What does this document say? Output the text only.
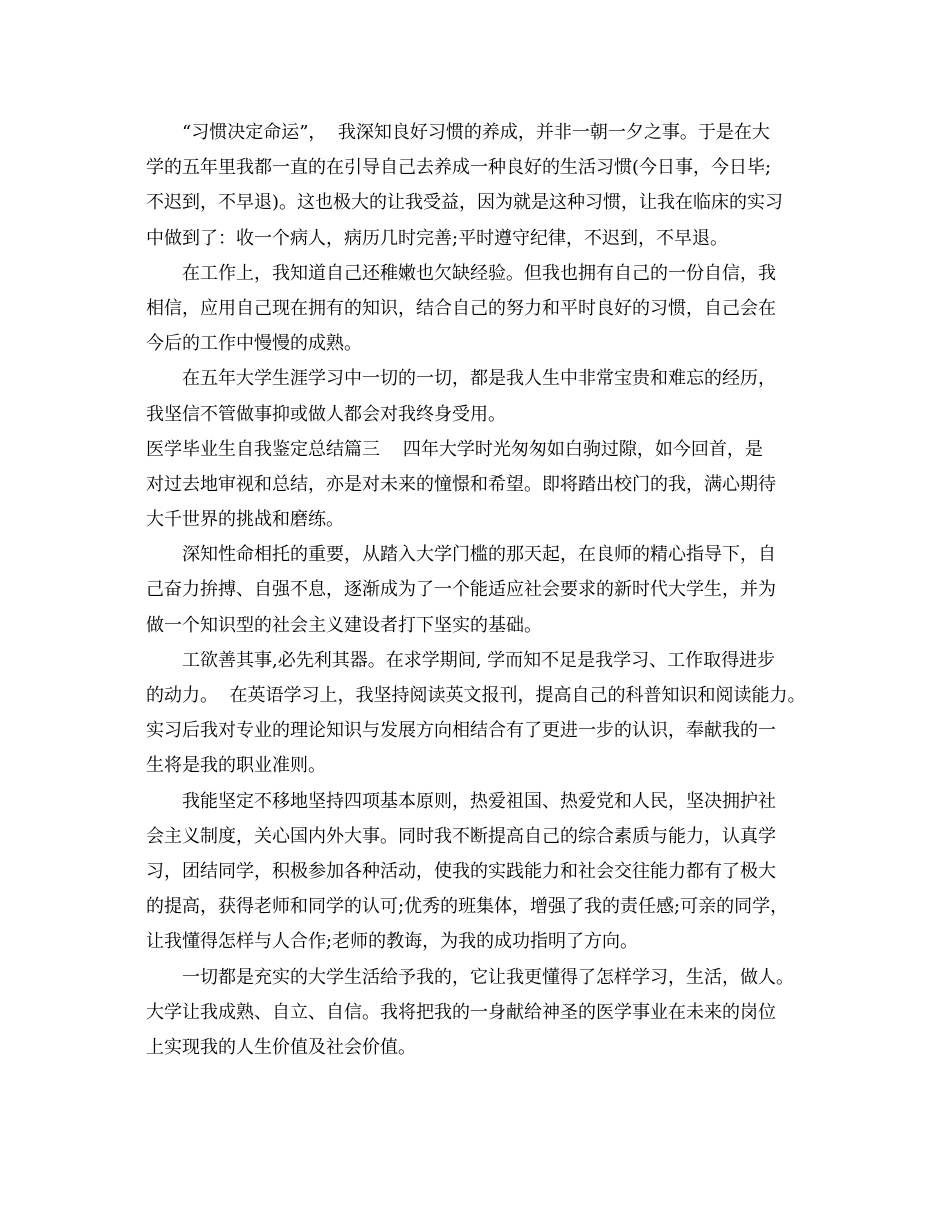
“习惯决定命运”，  我深知良好习惯的养成，并非一朝一夕之事。于是在大
学的五年里我都一直的在引导自己去养成一种良好的生活习惯(今日事，今日毕;
不迟到，不早退)。这也极大的让我受益，因为就是这种习惯，让我在临床的实习
中做到了：收一个病人，病历几时完善;平时遵守纪律，不迟到，不早退。
在工作上，我知道自己还稚嫩也欠缺经验。但我也拥有自己的一份自信，我
相信，应用自己现在拥有的知识，结合自己的努力和平时良好的习惯，自己会在
今后的工作中慢慢的成熟。
在五年大学生涯学习中一切的一切，都是我人生中非常宝贵和难忘的经历，
我坚信不管做事抑或做人都会对我终身受用。
医学毕业生自我鉴定总结篇三    四年大学时光匆匆如白驹过隙，如今回首，是
对过去地审视和总结，亦是对未来的憧憬和希望。即将踏出校门的我，满心期待
大千世界的挑战和磨练。
深知性命相托的重要，从踏入大学门槛的那天起，在良师的精心指导下，自
己奋力拚搏、自强不息，逐渐成为了一个能适应社会要求的新时代大学生，并为
做一个知识型的社会主义建设者打下坚实的基础。
工欲善其事,必先利其器。在求学期间, 学而知不足是我学习、工作取得进步
的动力。  在英语学习上，我坚持阅读英文报刊，提高自己的科普知识和阅读能力。
实习后我对专业的理论知识与发展方向相结合有了更进一步的认识，奉献我的一
生将是我的职业准则。
我能坚定不移地坚持四项基本原则，热爱祖国、热爱党和人民，坚决拥护社
会主义制度，关心国内外大事。同时我不断提高自己的综合素质与能力，认真学
习，团结同学，积极参加各种活动，使我的实践能力和社会交往能力都有了极大
的提高，获得老师和同学的认可;优秀的班集体，增强了我的责任感;可亲的同学，
让我懂得怎样与人合作;老师的教诲，为我的成功指明了方向。
一切都是充实的大学生活给予我的，它让我更懂得了怎样学习，生活，做人。
大学让我成熟、自立、自信。我将把我的一身献给神圣的医学事业在未来的岗位
上实现我的人生价值及社会价值。
